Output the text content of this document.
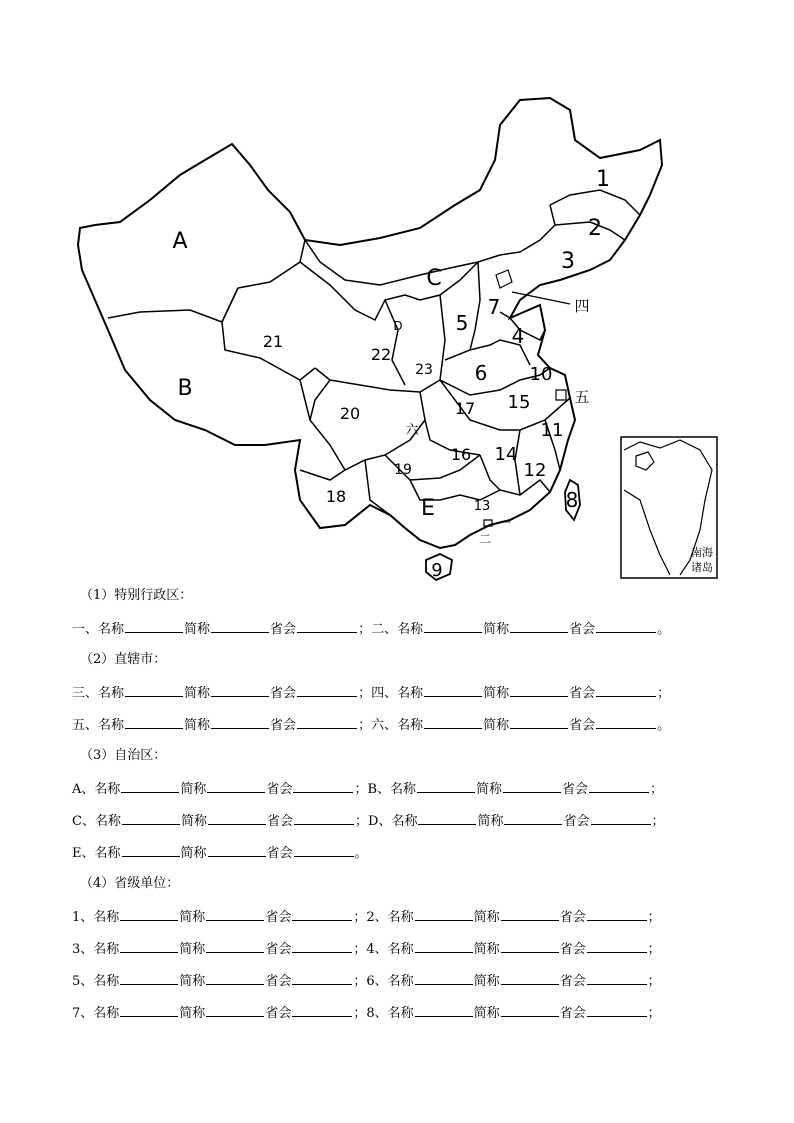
A
B
C
D
E
1
2
3
4
5
6
7
8
9
10
11
12
13
14
15
16
17
18
19
20
21
22
23
四
五
六
一
二
南海
诸岛
（1）特别行政区：
一、名称	简称	省会	；二、名称	简称	省会	。
（2）直辖市：
三、名称	简称	省会	；四、名称	简称	省会	；
五、名称	简称	省会	；六、名称	简称	省会	。
（3）自治区：
A、名称	简称	省会	；B、名称	简称	省会	；
C、名称	简称	省会	；D、名称	简称	省会	；
E、名称	简称	省会	。
（4）省级单位：
1、名称	简称	省会	；2、名称	简称	省会	；
3、名称	简称	省会	；4、名称	简称	省会	；
5、名称	简称	省会	；6、名称	简称	省会	；
7、名称	简称	省会	；8、名称	简称	省会	；
